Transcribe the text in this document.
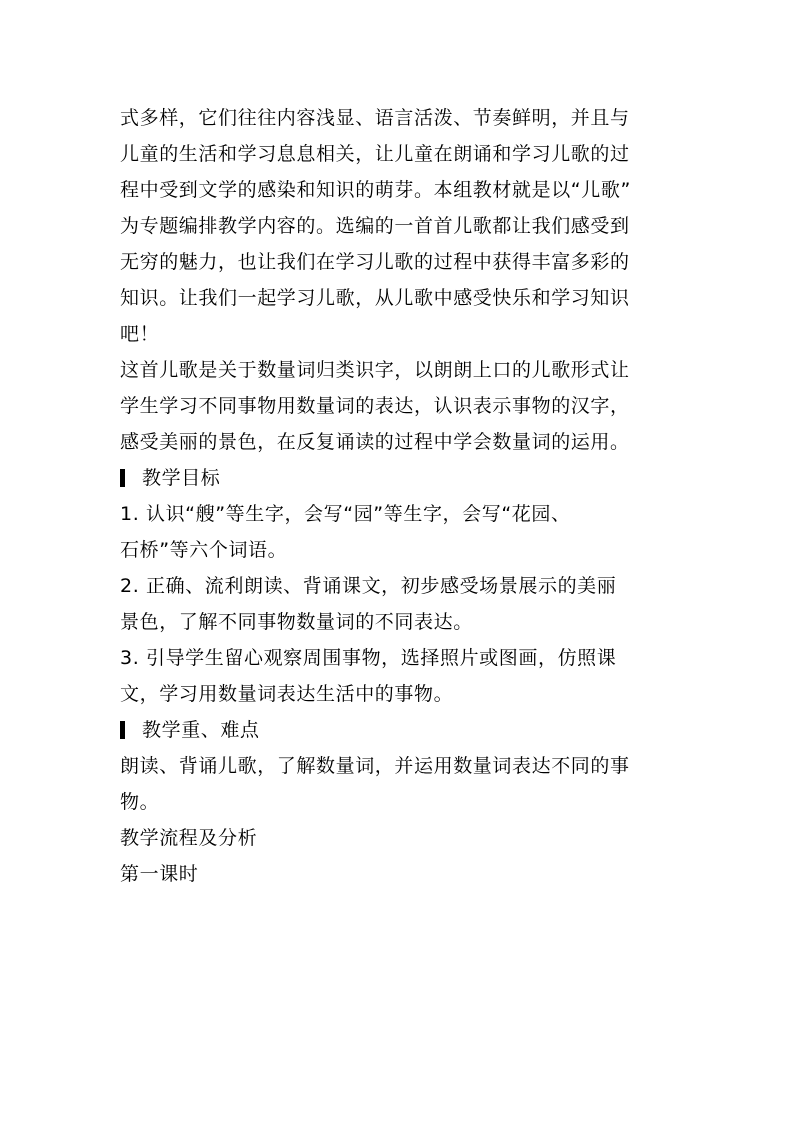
式多样，它们往往内容浅显、语言活泼、节奏鲜明，并且与
儿童的生活和学习息息相关，让儿童在朗诵和学习儿歌的过
程中受到文学的感染和知识的萌芽。本组教材就是以“儿歌”
为专题编排教学内容的。选编的一首首儿歌都让我们感受到
无穷的魅力，也让我们在学习儿歌的过程中获得丰富多彩的
知识。让我们一起学习儿歌，从儿歌中感受快乐和学习知识
吧！
这首儿歌是关于数量词归类识字，以朗朗上口的儿歌形式让
学生学习不同事物用数量词的表达，认识表示事物的汉字，
感受美丽的景色，在反复诵读的过程中学会数量词的运用。
教学目标
1. 认识“艘”等生字，会写“园”等生字，会写“花园、
石桥”等六个词语。
2. 正确、流利朗读、背诵课文，初步感受场景展示的美丽
景色，了解不同事物数量词的不同表达。
3. 引导学生留心观察周围事物，选择照片或图画，仿照课
文，学习用数量词表达生活中的事物。
教学重、难点
朗读、背诵儿歌，了解数量词，并运用数量词表达不同的事
物。
教学流程及分析
第一课时
